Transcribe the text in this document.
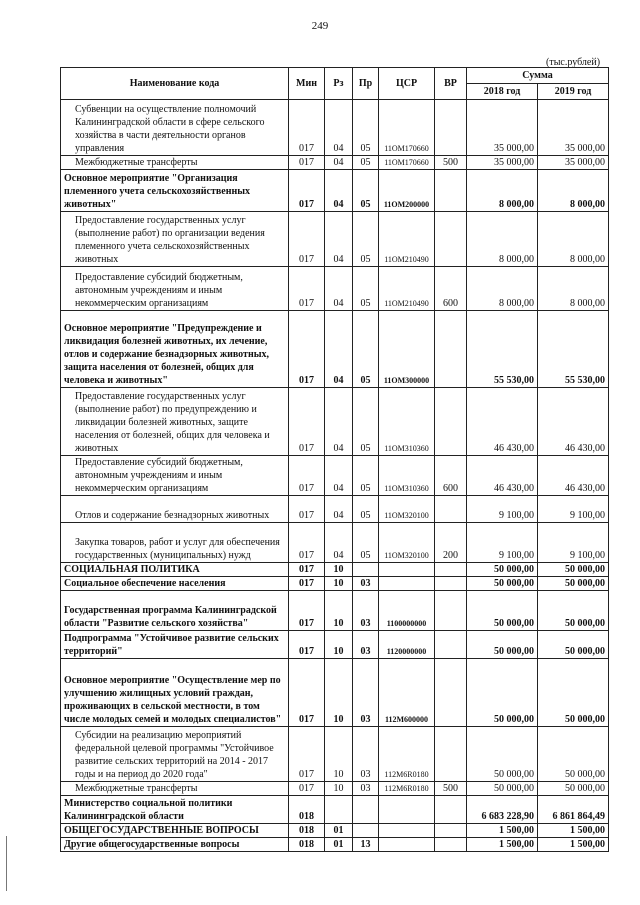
249
(тыс.рублей)
Наименование кода	Мин	Рз	Пр	ЦСР	ВР	Сумма	
						2018 год	2019 год
Субвенции на осуществление полномочий Калининградской области в сфере сельского хозяйства в части деятельности органов управления	017	04	05	11ОМ170660		35 000,00	35 000,00
Межбюджетные трансферты	017	04	05	11ОМ170660	500	35 000,00	35 000,00
Основное мероприятие "Организация племенного учета сельскохозяйственных животных"	017	04	05	11ОМ200000		8 000,00	8 000,00
Предоставление государственных услуг (выполнение работ) по организации ведения племенного учета сельскохозяйственных животных	017	04	05	11ОМ210490		8 000,00	8 000,00
Предоставление субсидий бюджетным, автономным учреждениям и иным некоммерческим организациям	017	04	05	11ОМ210490	600	8 000,00	8 000,00
Основное мероприятие "Предупреждение и ликвидация болезней животных, их лечение, отлов и содержание безнадзорных животных, защита населения от болезней, общих для человека и животных"	017	04	05	11ОМ300000		55 530,00	55 530,00
Предоставление государственных услуг (выполнение работ) по предупреждению и ликвидации болезней животных, защите населения от болезней, общих для человека и животных	017	04	05	11ОМ310360		46 430,00	46 430,00
Предоставление субсидий бюджетным, автономным учреждениям и иным некоммерческим организациям	017	04	05	11ОМ310360	600	46 430,00	46 430,00
Отлов и содержание безнадзорных животных	017	04	05	11ОМ320100		9 100,00	9 100,00
Закупка товаров, работ и услуг для обеспечения государственных (муниципальных) нужд	017	04	05	11ОМ320100	200	9 100,00	9 100,00
СОЦИАЛЬНАЯ ПОЛИТИКА	017	10				50 000,00	50 000,00
Социальное обеспечение населения	017	10	03			50 000,00	50 000,00
Государственная программа Калининградской области "Развитие сельского хозяйства"	017	10	03	1100000000		50 000,00	50 000,00
Подпрограмма "Устойчивое развитие сельских территорий"	017	10	03	1120000000		50 000,00	50 000,00
Основное мероприятие "Осуществление мер по улучшению жилищных условий граждан, проживающих в сельской местности, в том числе молодых семей и молодых специалистов"	017	10	03	112М600000		50 000,00	50 000,00
Субсидии на реализацию мероприятий федеральной целевой программы "Устойчивое развитие сельских территорий на 2014 - 2017 годы и на период до 2020 года"	017	10	03	112М6R0180		50 000,00	50 000,00
Межбюджетные трансферты	017	10	03	112М6R0180	500	50 000,00	50 000,00
Министерство социальной политики Калининградской области	018					6 683 228,90	6 861 864,49
ОБЩЕГОСУДАРСТВЕННЫЕ ВОПРОСЫ	018	01				1 500,00	1 500,00
Другие общегосударственные вопросы	018	01	13			1 500,00	1 500,00
